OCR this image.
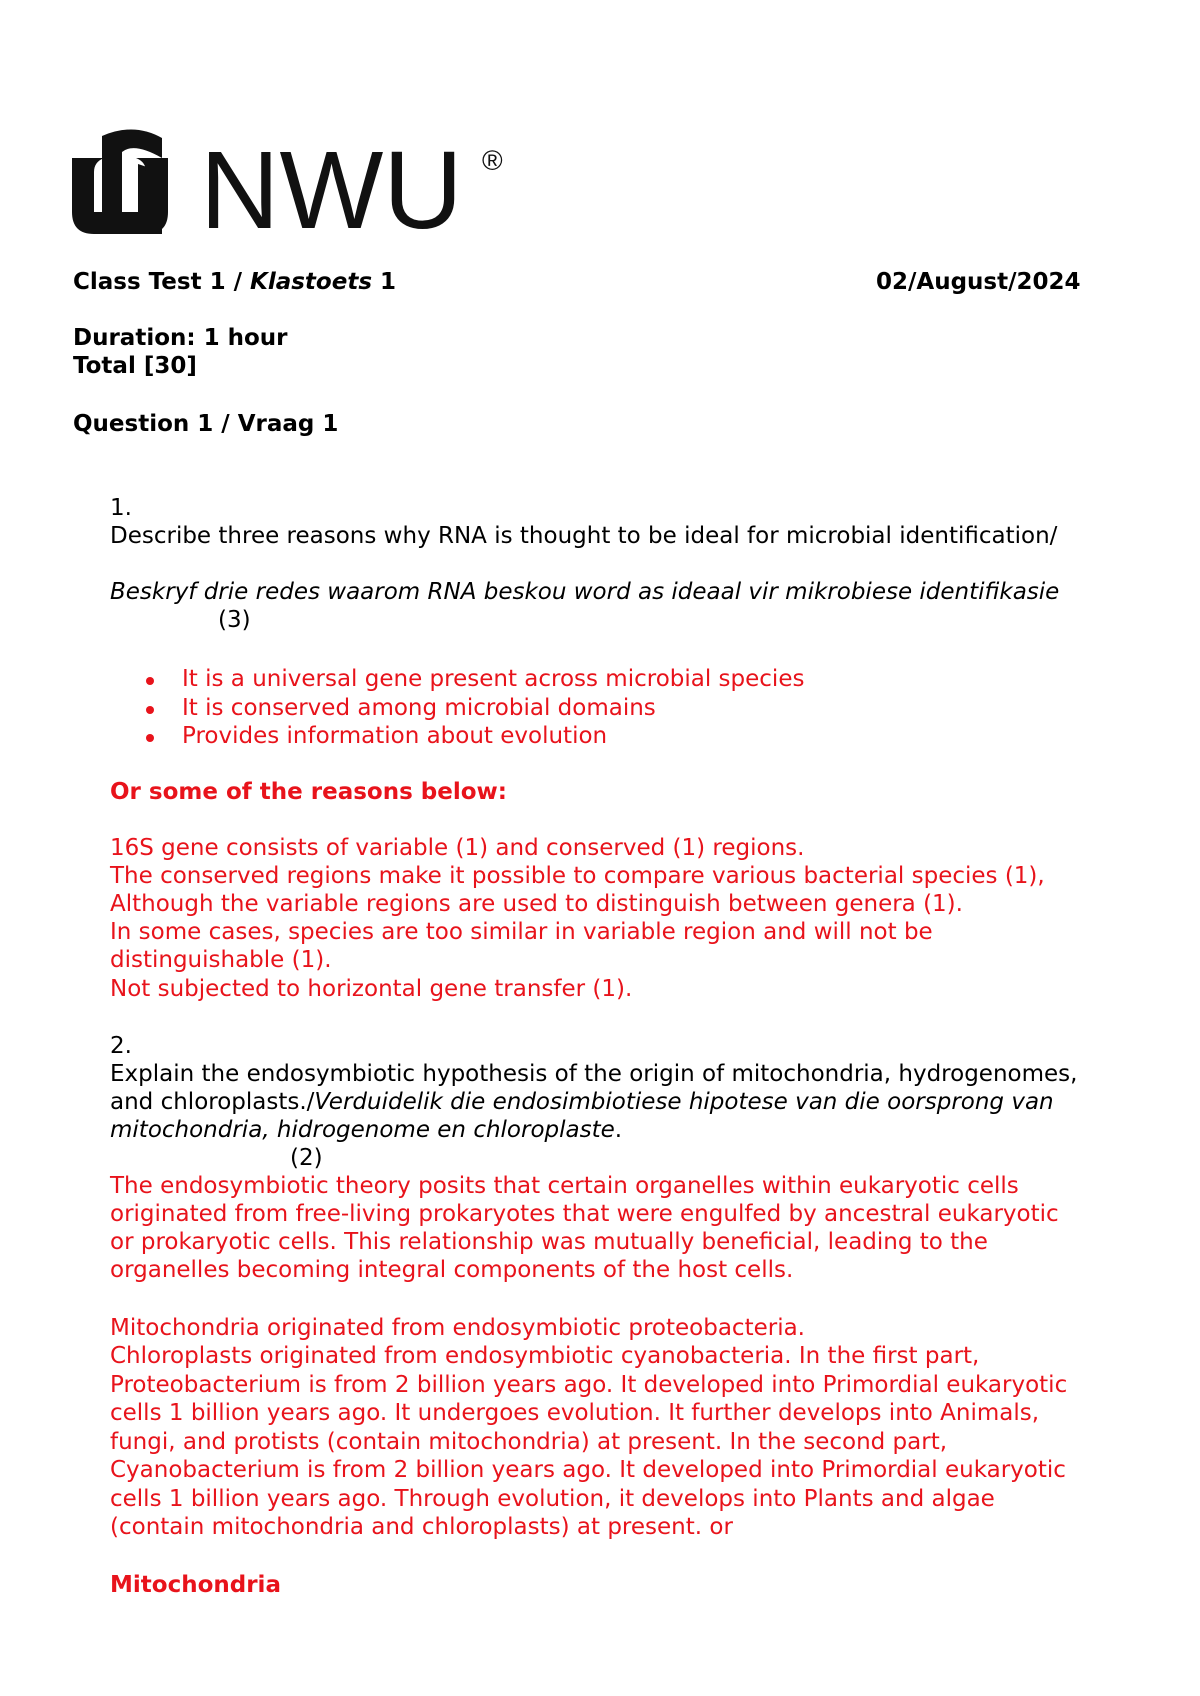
NWU ®
Class Test 1 / Klastoets 1	02/August/2024
Duration: 1 hour
Total [30]
Question 1 / Vraag 1
1.
Describe three reasons why RNA is thought to be ideal for microbial identification/
Beskryf drie redes waarom RNA beskou word as ideaal vir mikrobiese identifikasie
(3)
It is a universal gene present across microbial species
It is conserved among microbial domains
Provides information about evolution
Or some of the reasons below:
16S gene consists of variable (1) and conserved (1) regions.
The conserved regions make it possible to compare various bacterial species (1),
Although the variable regions are used to distinguish between genera (1).
In some cases, species are too similar in variable region and will not be
distinguishable (1).
Not subjected to horizontal gene transfer (1).
2.
Explain the endosymbiotic hypothesis of the origin of mitochondria, hydrogenomes,
and chloroplasts./Verduidelik die endosimbiotiese hipotese van die oorsprong van
mitochondria, hidrogenome en chloroplaste.
(2)
The endosymbiotic theory posits that certain organelles within eukaryotic cells
originated from free-living prokaryotes that were engulfed by ancestral eukaryotic
or prokaryotic cells. This relationship was mutually beneficial, leading to the
organelles becoming integral components of the host cells.
Mitochondria originated from endosymbiotic proteobacteria.
Chloroplasts originated from endosymbiotic cyanobacteria. In the first part,
Proteobacterium is from 2 billion years ago. It developed into Primordial eukaryotic
cells 1 billion years ago. It undergoes evolution. It further develops into Animals,
fungi, and protists (contain mitochondria) at present. In the second part,
Cyanobacterium is from 2 billion years ago. It developed into Primordial eukaryotic
cells 1 billion years ago. Through evolution, it develops into Plants and algae
(contain mitochondria and chloroplasts) at present. or
Mitochondria
